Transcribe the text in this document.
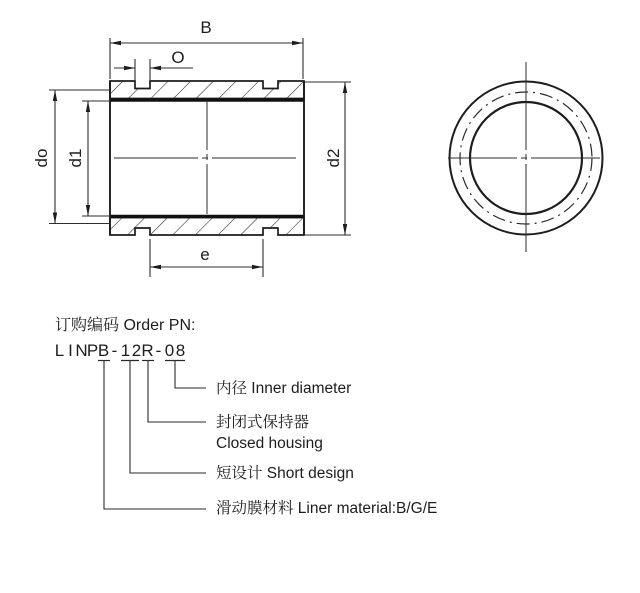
B
O
do d1	d2
e
订购编码 Order PN:
LINPB-12R-08
内径 Inner diameter
封闭式保持器
Closed housing
短设计 Short design
滑动膜材料 Liner material:B/G/E
